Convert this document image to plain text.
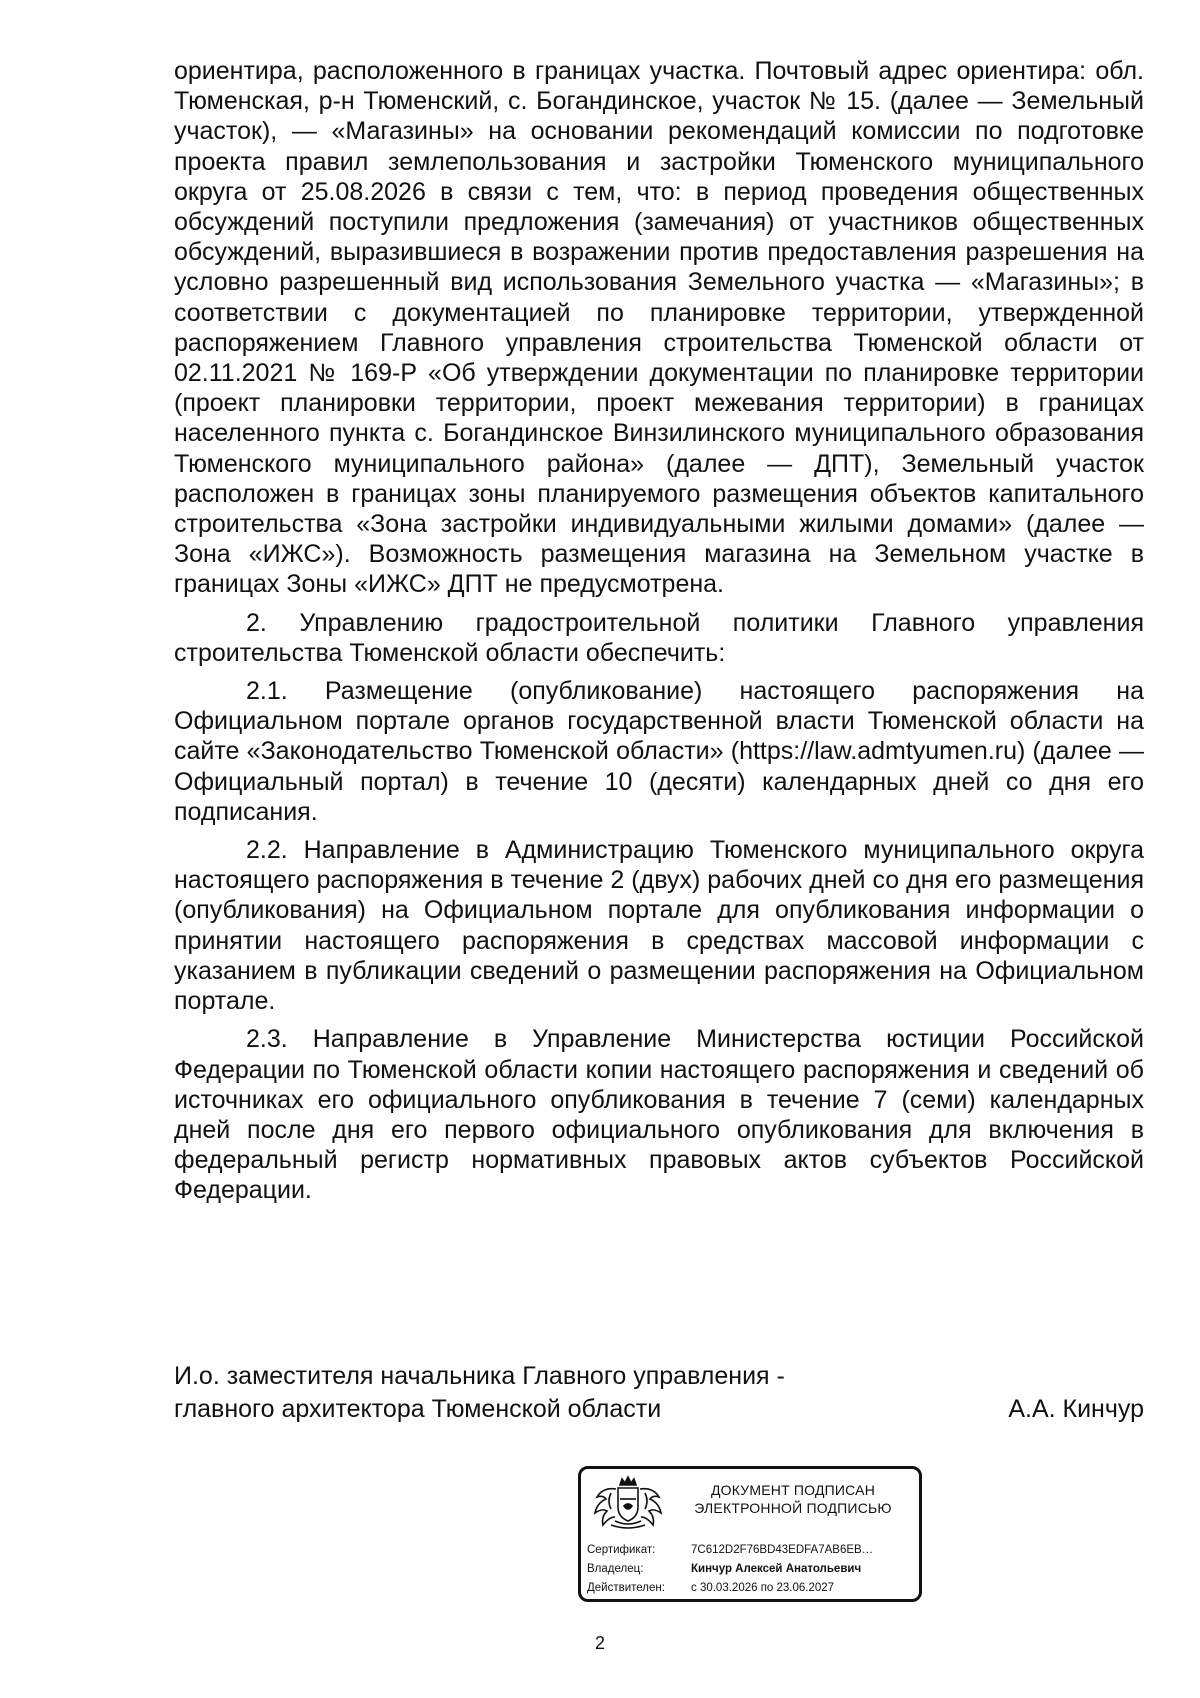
ориентира, расположенного в границах участка. Почтовый адрес ориентира: обл. Тюменская, р-н Тюменский, с. Богандинское, участок № 15. (далее — Земельный участок), — «Магазины» на основании рекомендаций комиссии по подготовке проекта правил землепользования и застройки Тюменского муниципального округа от 25.08.2026 в связи с тем, что: в период проведения общественных обсуждений поступили предложения (замечания) от участников общественных обсуждений, выразившиеся в возражении против предоставления разрешения на условно разрешенный вид использования Земельного участка — «Магазины»; в соответствии с документацией по планировке территории, утвержденной распоряжением Главного управления строительства Тюменской области от 02.11.2021 № 169-Р «Об утверждении документации по планировке территории (проект планировки территории, проект межевания территории) в границах населенного пункта с. Богандинское Винзилинского муниципального образования Тюменского муниципального района» (далее — ДПТ), Земельный участок расположен в границах зоны планируемого размещения объектов капитального строительства «Зона застройки индивидуальными жилыми домами» (далее — Зона «ИЖС»). Возможность размещения магазина на Земельном участке в границах Зоны «ИЖС» ДПТ не предусмотрена.

2. Управлению градостроительной политики Главного управления строительства Тюменской области обеспечить:

2.1. Размещение (опубликование) настоящего распоряжения на Официальном портале органов государственной власти Тюменской области на сайте «Законодательство Тюменской области» (https://law.admtyumen.ru) (далее — Официальный портал) в течение 10 (десяти) календарных дней со дня его подписания.

2.2. Направление в Администрацию Тюменского муниципального округа настоящего распоряжения в течение 2 (двух) рабочих дней со дня его размещения (опубликования) на Официальном портале для опубликования информации о принятии настоящего распоряжения в средствах массовой информации с указанием в публикации сведений о размещении распоряжения на Официальном портале.

2.3. Направление в Управление Министерства юстиции Российской Федерации по Тюменской области копии настоящего распоряжения и сведений об источниках его официального опубликования в течение 7 (семи) календарных дней после дня его первого официального опубликования для включения в федеральный регистр нормативных правовых актов субъектов Российской Федерации.

И.о. заместителя начальника Главного управления -
главного архитектора Тюменской области	А.А. Кинчур
ДОКУМЕНТ ПОДПИСАН
ЭЛЕКТРОННОЙ ПОДПИСЬЮ
Сертификат:	7C612D2F76BD43EDFA7AB6EB…
Владелец:	Кинчур Алексей Анатольевич
Действителен:	с 30.03.2026 по 23.06.2027
2
